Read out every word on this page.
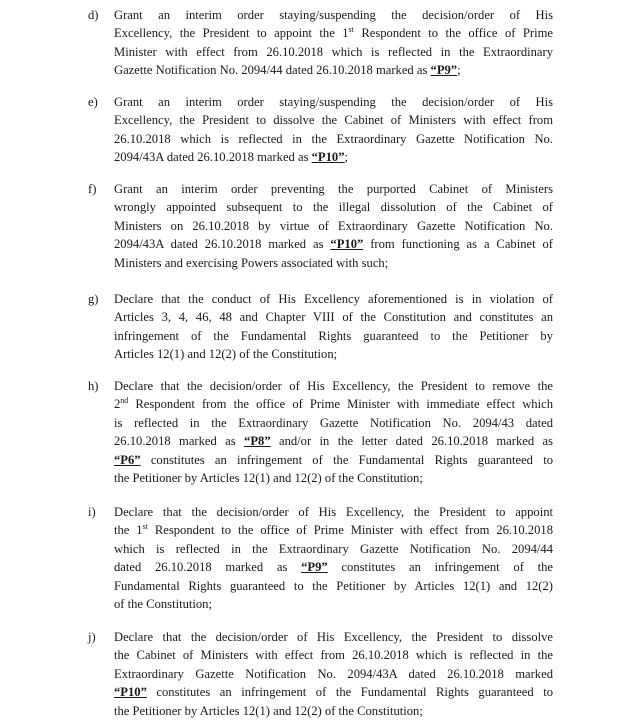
d) Grant an interim order staying/suspending the decision/order of His
Excellency, the President to appoint the 1st Respondent to the office of Prime
Minister with effect from 26.10.2018 which is reflected in the Extraordinary
Gazette Notification No. 2094/44 dated 26.10.2018 marked as “P9”;
e) Grant an interim order staying/suspending the decision/order of His
Excellency, the President to dissolve the Cabinet of Ministers with effect from
26.10.2018 which is reflected in the Extraordinary Gazette Notification No.
2094/43A dated 26.10.2018 marked as “P10”;
f) Grant an interim order preventing the purported Cabinet of Ministers
wrongly appointed subsequent to the illegal dissolution of the Cabinet of
Ministers on 26.10.2018 by virtue of Extraordinary Gazette Notification No.
2094/43A dated 26.10.2018 marked as “P10” from functioning as a Cabinet of
Ministers and exercising Powers associated with such;
g) Declare that the conduct of His Excellency aforementioned is in violation of
Articles 3, 4, 46, 48 and Chapter VIII of the Constitution and constitutes an
infringement of the Fundamental Rights guaranteed to the Petitioner by
Articles 12(1) and 12(2) of the Constitution;
h) Declare that the decision/order of His Excellency, the President to remove the
2nd Respondent from the office of Prime Minister with immediate effect which
is reflected in the Extraordinary Gazette Notification No. 2094/43 dated
26.10.2018 marked as “P8” and/or in the letter dated 26.10.2018 marked as
“P6” constitutes an infringement of the Fundamental Rights guaranteed to
the Petitioner by Articles 12(1) and 12(2) of the Constitution;
i) Declare that the decision/order of His Excellency, the President to appoint
the 1st Respondent to the office of Prime Minister with effect from 26.10.2018
which is reflected in the Extraordinary Gazette Notification No. 2094/44
dated 26.10.2018 marked as “P9” constitutes an infringement of the
Fundamental Rights guaranteed to the Petitioner by Articles 12(1) and 12(2)
of the Constitution;
j) Declare that the decision/order of His Excellency, the President to dissolve
the Cabinet of Ministers with effect from 26.10.2018 which is reflected in the
Extraordinary Gazette Notification No. 2094/43A dated 26.10.2018 marked
“P10” constitutes an infringement of the Fundamental Rights guaranteed to
the Petitioner by Articles 12(1) and 12(2) of the Constitution;
